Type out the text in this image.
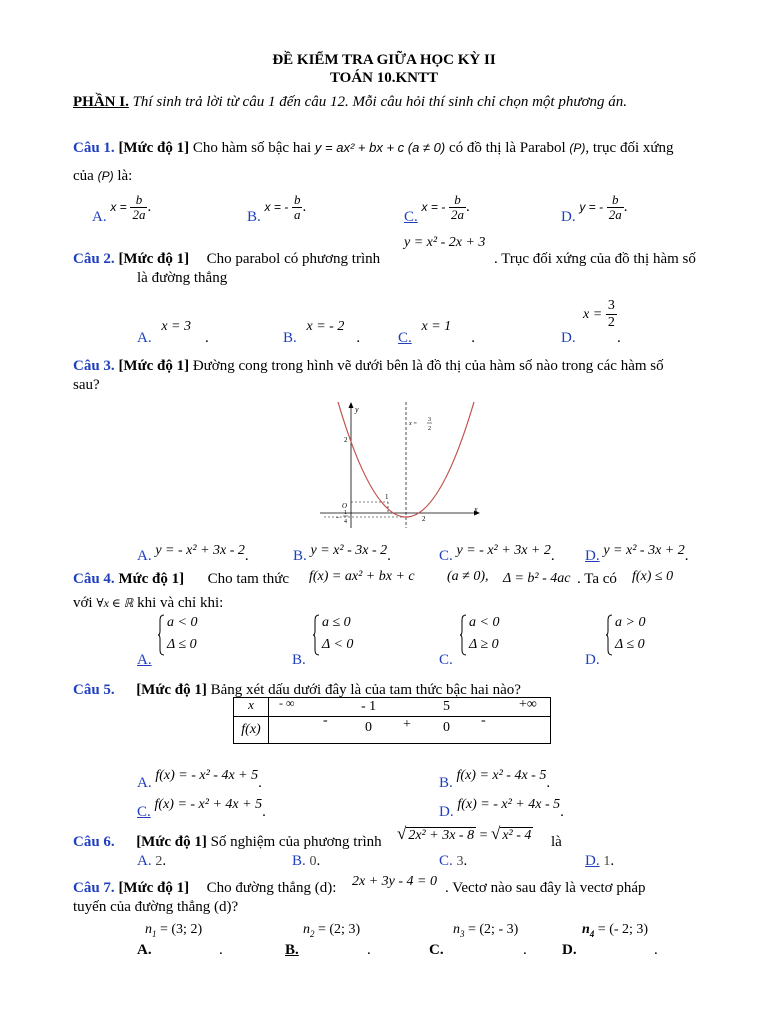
ĐỀ KIỂM TRA GIỮA HỌC KỲ II
TOÁN 10.KNTT
PHẦN I. Thí sinh trả lời từ câu 1 đến câu 12. Mỗi câu hỏi thí sinh chỉ chọn một phương án.
Câu 1. [Mức độ 1] Cho hàm số bậc hai y = ax² + bx + c (a ≠ 0) có đồ thị là Parabol (P), trục đối xứng
của (P) là:
A. $x = \frac{b}{2a}$ .
B. x = - $\frac{b}{a}$ .
C. x = - $\frac{b}{2a}$ .
D. y = - $\frac{b}{2a}$ .
y = x² - 2x + 3
Câu 2. [Mức độ 1] Cho parabol có phương trình	. Trục đối xứng của đồ thị hàm số
là đường thẳng
A. x = 3.	B. x = - 2.	C. x = 1.	D.
$x = \frac{3}{2}$
.
Câu 3. [Mức độ 1] Đường cong trong hình vẽ dưới bên là đồ thị của hàm số nào trong các hàm số
sau?
y
x
O
2
1
2
−
1
4
x =
3
2
A. y = - x² + 3x - 2.	B. y = x² - 3x - 2.	C. y = - x² + 3x + 2. D. y = x² - 3x + 2.
Câu 4. Mức độ 1] Cho tam thức f(x) = ax² + bx + c (a ≠ 0), Δ = b² - 4ac . Ta có f(x) ≤ 0
với ∀x ∈ ℝ khi và chỉ khi:
a < 0
Δ ≤ 0
A.
a ≤ 0
Δ < 0
B.
a < 0
Δ ≥ 0
C.
a > 0
Δ ≤ 0
D.
Câu 5. [Mức độ 1] Bảng xét dấu dưới đây là của tam thức bậc hai nào?
x	- ∞ - 1 5 +∞

f(x)	- 0 + 0 -
A. f(x) = - x² - 4x + 5.	B. f(x) = x² - 4x - 5.
C. f(x) = - x² + 4x + 5.	D. f(x) = - x² + 4x - 5.
Câu 6. [Mức độ 1] Số nghiệm của phương trình √ 2x² + 3x - 8 = √ x² - 4 là
A. 2.	B. 0.	C. 3.	D. 1.
Câu 7. [Mức độ 1] Cho đường thẳng (d): 2x + 3y - 4 = 0 . Vectơ nào sau đây là vectơ pháp
tuyến của đường thẳng (d)?
$n_1 = (3$; 2)
A.	.
$n_2 = (2$; 3)
B.	.
$n_3 = (2$; - 3)
C.	.
$n_4$ = (- 2; 3)
D.	.
